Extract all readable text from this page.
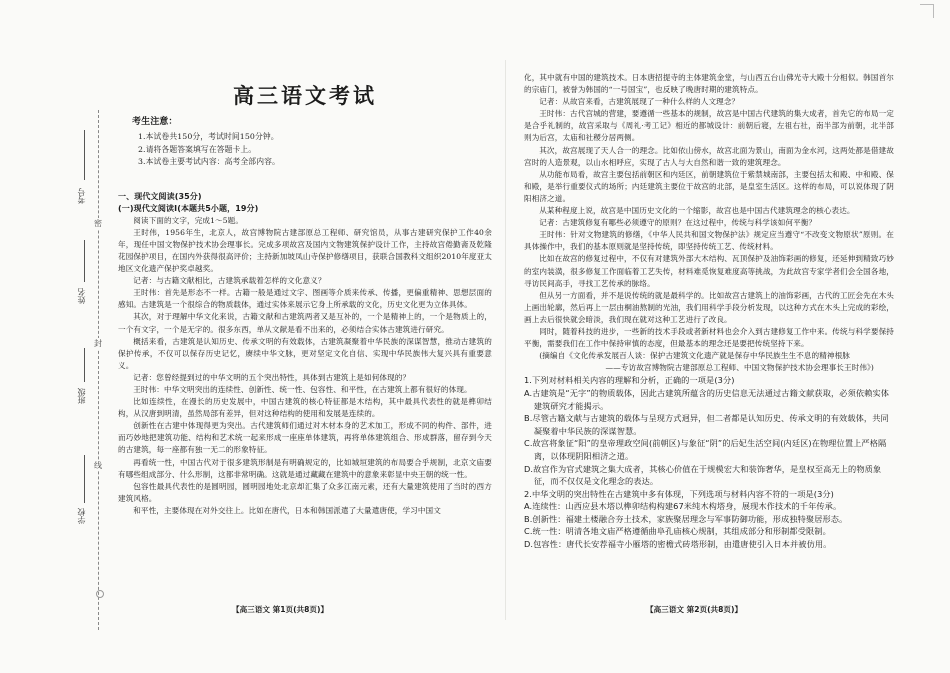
密
封
线
考号
姓名
班级
学校
高三语文考试
考生注意：
1.本试卷共150分，考试时间150分钟。
2.请将各题答案填写在答题卡上。
3.本试卷主要考试内容：高考全部内容。
一、现代文阅读(35分)
(一)现代文阅读Ⅰ(本题共5小题，19分)
阅读下面的文字，完成1～5题。
王时伟，1956年生，北京人，故宫博物院古建部原总工程师、研究馆员，从事古建研究保护工作40余年，现任中国文物保护技术协会理事长。完成多项故宫及国内文物建筑保护设计工作，主持故宫倦勤斋及乾隆花园保护项目，在国内外获得很高评价；主持新加坡凤山寺保护修缮项目，获联合国教科文组织2010年度亚太地区文化遗产保护奖卓越奖。
记者：与古籍文献相比，古建筑承载着怎样的文化意义？
王时伟：首先是形态不一样。古籍一般是通过文字、图画等介质来传承、传播，更偏重精神、思想层面的感知。古建筑是一个很综合的物质载体，通过实体来展示它身上所承载的文化，历史文化更为立体具体。
其次，对于理解中华文化来说，古籍文献和古建筑两者又是互补的，一个是精神上的，一个是物质上的，一个有文字，一个是无字的。很多东西，单从文献是看不出来的，必须结合实体古建筑进行研究。
概括来看，古建筑是认知历史、传承文明的有效载体，古建筑凝聚着中华民族的深谋智慧，推动古建筑的保护传承，不仅可以保存历史记忆，赓续中华文脉，更对坚定文化自信、实现中华民族伟大复兴具有重要意义。
记者：您曾经提到过的中华文明的五个突出特性，具体到古建筑上是如何体现的？
王时伟：中华文明突出的连续性、创新性、统一性、包容性、和平性，在古建筑上都有很好的体现。
比如连续性，在漫长的历史发展中，中国古建筑的核心特征都是木结构，其中最具代表性的就是榫卯结构，从汉唐到明清，虽然局部有差异，但对这种结构的使用和发展是连续的。
创新性在古建中体现得更为突出。古代建筑师们通过对木材本身的艺术加工，形成不同的构件、部件，进而巧妙地把建筑功能、结构和艺术统一起来形成一座座单体建筑，再将单体建筑组合、形成群落，留存到今天的古建筑，每一座都有独一无二的形象特征。
再看统一性，中国古代对于很多建筑形制是有明确规定的，比如城垣建筑的布局要合乎规制，北京文庙要有哪些组成部分、什么形制，这都非常明确。这就是通过藏藏在建筑中的意象来彰显中央王朝的统一性。
包容性最具代表性的是圆明园，圆明园地处北京却汇集了众多江南元素，还有大量建筑使用了当时的西方建筑风格。
和平性，主要体现在对外交往上。比如在唐代，日本和韩国派遣了大量遣唐使，学习中国文
【高三语文 第1页(共8页)】
化，其中就有中国的建筑技术。日本唐招提寺的主体建筑金堂，与山西五台山佛光寺大殿十分相似。韩国首尔的宗庙门，被誉为韩国的“一号国宝”，也反映了晚唐时期的建筑特点。
记者：从故宫来看，古建筑展现了一种什么样的人文理念？
王时伟：古代宫城的营建，要遵循一些基本的规制，故宫是中国古代建筑的集大成者，首先它的布局一定是合乎礼制的，故宫采取与《周礼·考工记》相近的都城设计：前朝后寝，左祖右社，南半部为前朝，北半部则为后宫，太庙和社稷分居两侧。
其次，故宫展现了天人合一的理念。比如依山傍水，故宫北面为景山，南面为金水河，这两处都是借建故宫时的人造景观，以山水相呼应，实现了古人与大自然和谐一致的建筑理念。
从功能布局看，故宫主要包括前朝区和内廷区，前朝建筑位于紫禁城南部，主要包括太和殿、中和殿、保和殿，是举行重要仪式的场所；内廷建筑主要位于故宫的北部，是皇室生活区。这样的布局，可以说体现了阴阳相济之道。
从某种程度上说，故宫是中国历史文化的一个缩影，故宫也是中国古代建筑理念的核心表达。
记者：古建筑修复有哪些必须遵守的原则？在这过程中，传统与科学该如何平衡？
王时伟：针对文物建筑的修缮，《中华人民共和国文物保护法》规定应当遵守“不改变文物原状”原则。在具体操作中，我们的基本原则就是坚持传统，即坚持传统工艺、传统材料。
比如在故宫的修复过程中，不仅有对建筑外部大木结构、瓦顶保护及油饰彩画的修复，还延伸到精致巧妙的室内装潢，很多修复工作面临着工艺失传，材料难觅恢复难度高等挑战，为此故宫专家学者们会全国各地，寻访民间高手，寻找工艺传承的脉络。
但从另一方面看，并不是说传统的就是最科学的。比如故宫古建筑上的油饰彩画，古代的工匠会先在木头上画出轮廓，然后再上一层由桐油熬制的光油，我们用科学手段分析发现，以这种方式在木头上完成的彩绘，画上去后很快就会暗淡，我们现在就对这种工艺进行了改良。
同时，随着科技的进步，一些新的技术手段或者新材料也会介入到古建修复工作中来。传统与科学要保持平衡，需要我们在工作中保持审慎的态度，但最基本的理念还是要把传统坚持下来。
(摘编自《文化传承发展百人谈：保护古建筑文化遗产就是保存中华民族生生不息的精神根脉
——专访故宫博物院古建部原总工程师、中国文物保护技术协会理事长王时伟》)
1.下列对材料相关内容的理解和分析，正确的一项是(3分)
A.古建筑是“无字”的物质载体，因此古建筑所蕴含的历史信息无法通过古籍文献获取，必须依赖实体建筑研究才能揭示。
B.尽管古籍文献与古建筑的载体与呈现方式迥异，但二者都是认知历史、传承文明的有效载体，共同凝聚着中华民族的深谋智慧。
C.故宫将象征“阳”的皇帝理政空间(前朝区)与象征“阴”的后妃生活空间(内廷区)在物理位置上严格隔离，以体现阴阳相济之道。
D.故宫作为官式建筑之集大成者，其核心价值在于规模宏大和装饰奢华，是皇权至高无上的物质象征，而不仅仅是文化理念的表达。
2.中华文明的突出特性在古建筑中多有体现，下列选项与材料内容不符的一项是(3分)
A.连续性：山西应县木塔以榫卯结构构建67米纯木构塔身，展现木作技术的千年传承。
B.创新性：福建土楼融合夯土技术，家族聚居理念与军事防御功能，形成独特聚居形态。
C.统一性：明清各地文庙严格遵循曲阜孔庙核心规制，其组成部分和形制都受限制。
D.包容性：唐代长安荐福寺小雁塔的密檐式砖塔形制，由遣唐使引入日本并被仿用。
【高三语文 第2页(共8页)】
